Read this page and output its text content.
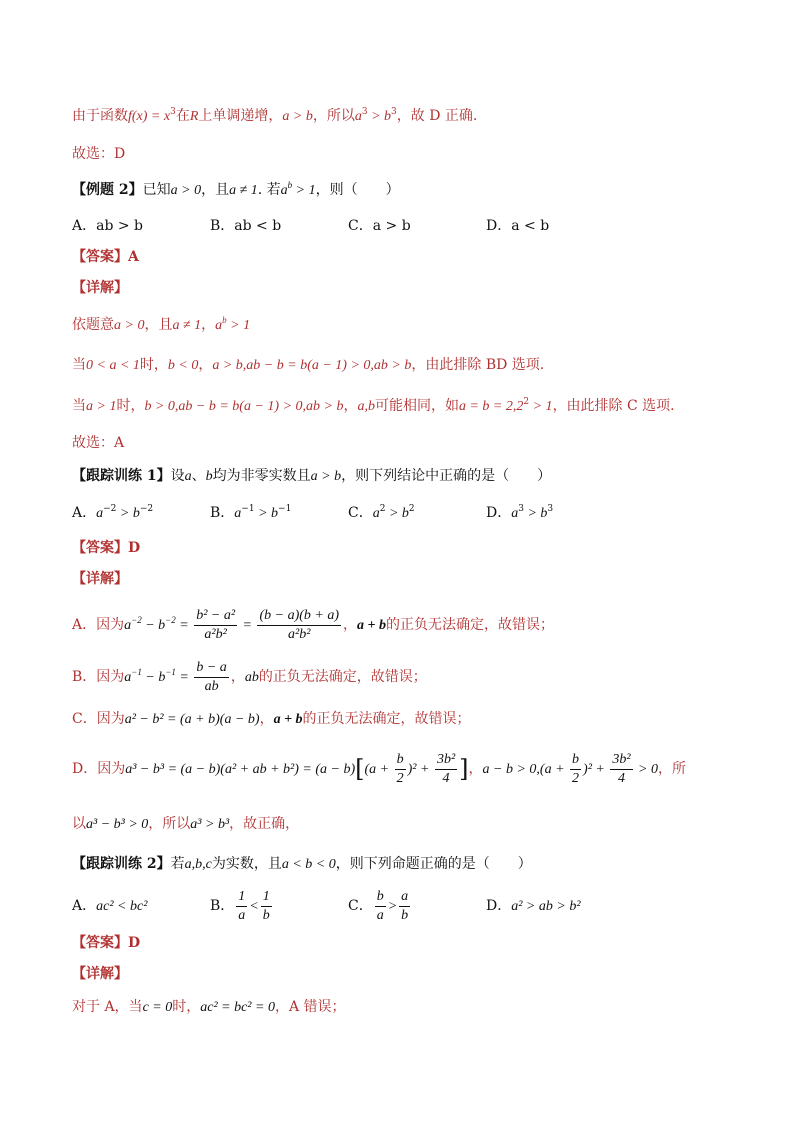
由于函数$f(x) = x^3$在R上单调递增，a > b，所以$a^3 > b^3$，故 D 正确.
故选：D
【例题 2】已知a > 0，且a ≠ 1. 若$a^b > 1$，则（　　）
A．ab > b	B．ab < b	C．a > b	D．a < b
【答案】A
【详解】
依题意a > 0，且a ≠ 1，$a^b > 1$
当0 < a < 1时，b < 0，a > b,ab − b = b(a − 1) > 0,ab > b，由此排除 BD 选项.
当a > 1时，b > 0,ab − b = b(a − 1) > 0,ab > b，a,b可能相同，如$a = b = 2,2^2 > 1$，由此排除 C 选项.
故选：A
【跟踪训练 1】设a、b均为非零实数且a > b，则下列结论中正确的是（　　）
A．$a^{-2} > b^{-2}$	B．$a^{-1} > b^{-1}$	C．$a^2 > b^2$	D．$a^3 > b^3$
【答案】D
【详解】
A．因为$a^{-2} - b^{-2} = \frac{\text{b² − a²}}{\text{a²b²}} = \frac{(b - a)(b + a)}{\text{a²b²}}$ ，a + b的正负无法确定，故错误；
B．因为$a^{-1} - b^{-1} = \frac{b - a}{ab}$ ，ab的正负无法确定，故错误；
C．因为a² − b² = (a + b)(a − b)，a + b的正负无法确定，故错误；
D．因为a³ − b³ = (a − b)(a² + ab + $b^2) = (a - b)[(a + \frac{b}{2} )^2 + \frac{\text{3b²}}{4}$ ]，$a - b > 0,(a + \frac{b}{2} )^2 + \frac{\text{3b²}}{4} > 0$，所
以a³ − b³ > 0，所以a³ > b³，故正确，
【跟踪训练 2】若a,b,c为实数，且a < b < 0，则下列命题正确的是（　　）
A．ac² < bc²	B． $\frac{1}{a} < \frac{1}{b}$	C． $\frac{b}{a} > \frac{a}{b}$	D．a² > ab > b²
【答案】D
【详解】
对于 A，当c = 0时，ac² = bc² = 0，A 错误；
